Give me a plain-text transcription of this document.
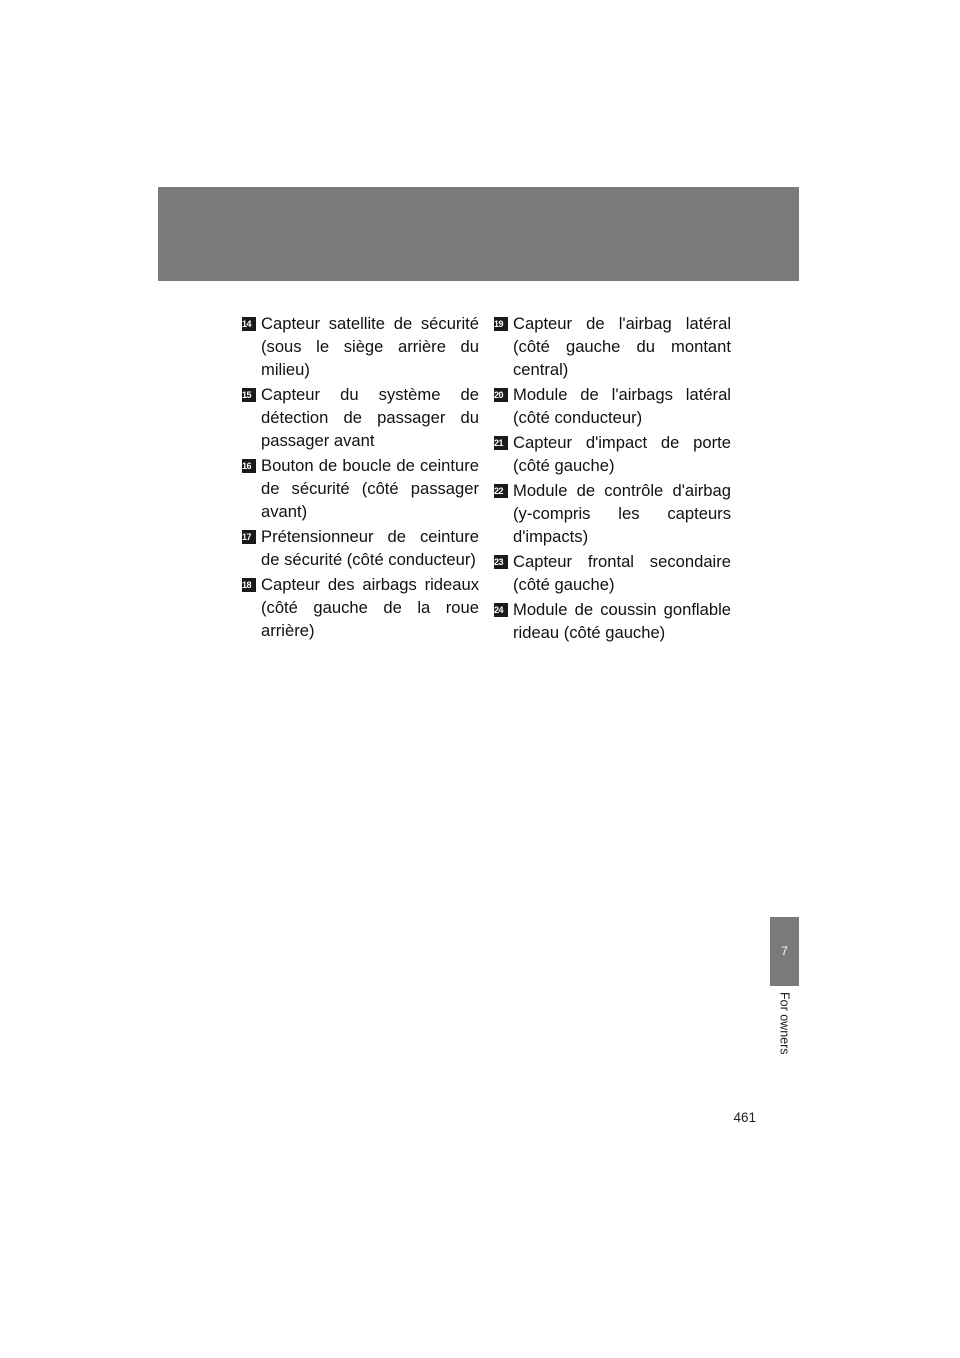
14 Capteur satellite de sécurité (sous le siège arrière du milieu)
15 Capteur du système de détection de passager du passager avant
16 Bouton de boucle de ceinture de sécurité (côté passager avant)
17 Prétensionneur de ceinture de sécurité (côté conducteur)
18 Capteur des airbags rideaux (côté gauche de la roue arrière)
19 Capteur de l'airbag latéral (côté gauche du montant central)
20 Module de l'airbags latéral (côté conducteur)
21 Capteur d'impact de porte (côté gauche)
22 Module de contrôle d'airbag (y-compris les capteurs d'impacts)
23 Capteur frontal secondaire (côté gauche)
24 Module de coussin gonflable rideau (côté gauche)
7
For owners
461
